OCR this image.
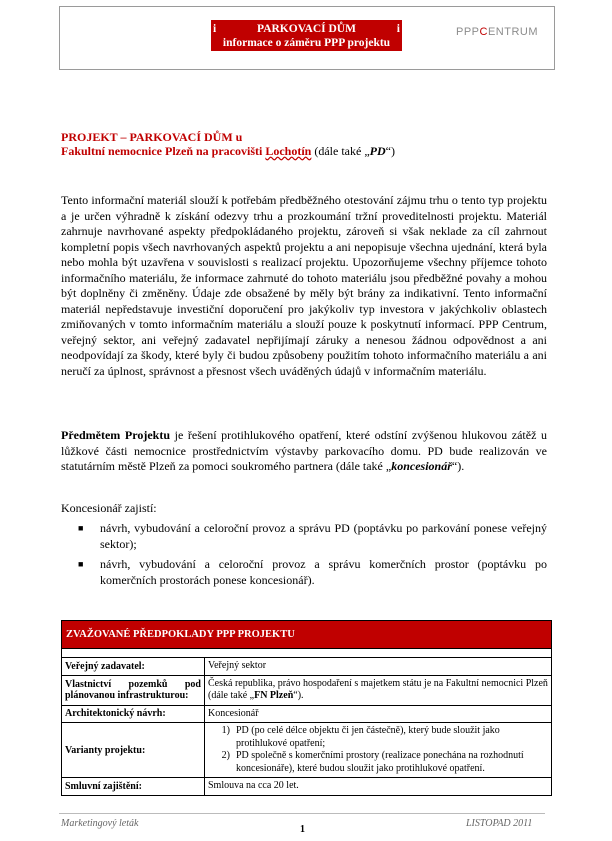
i	PARKOVACÍ DŮM	i
informace o záměru PPP projektu
PPPCENTRUM
PROJEKT – PARKOVACÍ DŮM u
Fakultní nemocnice Plzeň na pracovišti Lochotín (dále také „PD“)
Tento informační materiál slouží k potřebám předběžného otestování zájmu trhu o tento typ projektu a je určen výhradně k získání odezvy trhu a prozkoumání tržní proveditelnosti projektu. Materiál zahrnuje navrhované aspekty předpokládaného projektu, zároveň si však neklade za cíl zahrnout kompletní popis všech navrhovaných aspektů projektu a ani nepopisuje všechna ujednání, která byla nebo mohla být uzavřena v souvislosti s realizací projektu. Upozorňujeme všechny příjemce tohoto informačního materiálu, že informace zahrnuté do tohoto materiálu jsou předběžné povahy a mohou být doplněny či změněny. Údaje zde obsažené by měly být brány za indikativní. Tento informační materiál nepředstavuje investiční doporučení pro jakýkoliv typ investora v jakýchkoliv oblastech zmiňovaných v tomto informačním materiálu a slouží pouze k poskytnutí informací. PPP Centrum, veřejný sektor, ani veřejný zadavatel nepřijímají záruky a nenesou žádnou odpovědnost a ani neodpovídají za škody, které byly či budou způsobeny použitím tohoto informačního materiálu a ani neručí za úplnost, správnost a přesnost všech uváděných údajů v informačním materiálu.
Předmětem Projektu je řešení protihlukového opatření, které odstíní zvýšenou hlukovou zátěž u lůžkové části nemocnice prostřednictvím výstavby parkovacího domu. PD bude realizován ve statutárním městě Plzeň za pomoci soukromého partnera (dále také „koncesionář“).
Koncesionář zajistí:
■ návrh, vybudování a celoroční provoz a správu PD (poptávku po parkování ponese veřejný sektor);
■ návrh, vybudování a celoroční provoz a správu komerčních prostor (poptávku po komerčních prostorách ponese koncesionář).
ZVAŽOVANÉ PŘEDPOKLADY PPP PROJEKTU
Veřejný zadavatel:	Veřejný sektor
Vlastnictví pozemků pod plánovanou infrastrukturou:
Česká republika, právo hospodaření s majetkem státu je na Fakultní nemocnici Plzeň (dále také „FN Plzeň“).
Architektonický návrh:	Koncesionář
Varianty projektu:
1) PD (po celé délce objektu či jen částečně), který bude sloužit jako protihlukové opatření;
2) PD společně s komerčními prostory (realizace ponechána na rozhodnutí koncesionáře), které budou sloužit jako protihlukové opatření.
Smluvní zajištění:	Smlouva na cca 20 let.
Marketingový leták
1
LISTOPAD 2011
